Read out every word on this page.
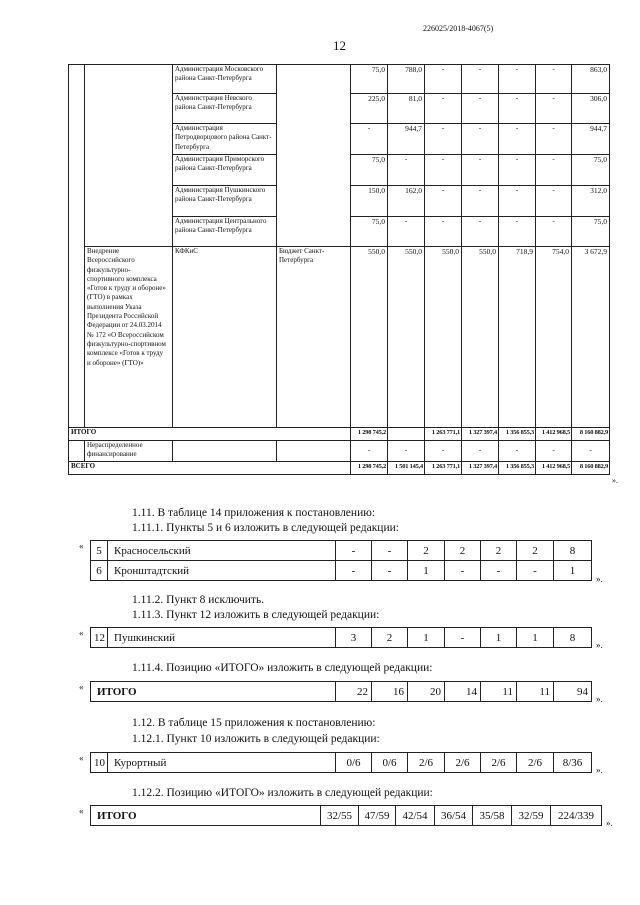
226025/2018-4067(5)
12
		Администрация Московского района Санкт-Петербурга		75,0	788,0	-	-	-	-	863,0
		Администрация Невского района Санкт-Петербурга		225,0	81,0	-	-	-	-	306,0
		Администрация Петродворцового района Санкт-Петербурга		-	944,7	-	-	-	-	944,7
		Администрация Приморского района Санкт-Петербурга		75,0	-	-	-	-	-	75,0
		Администрация Пушкинского района Санкт-Петербурга		150,0	162,0	-	-	-	-	312,0
		Администрация Центрального района Санкт-Петербурга		75,0	-	-	-	-	-	75,0
	Внедрение Всероссийского физкультурно-спортивного комплекса «Готов к труду и обороне» (ГТО) в рамках выполнения Указа Президента Российской Федерации от 24.03.2014 № 172 «О Всероссийском физкультурно-спортивном комплексе «Готов к труду и обороне» (ГТО)»	КФКиС	Бюджет Санкт-Петербурга	550,0	550,0	550,0	550,0	718,9	754,0	3 672,9
ИТОГО				1 298 745,2		1 263 771,1	1 327 397,4	1 356 855,3	1 412 968,5	8 160 882,9
	Нераспределенное финансирование			-	-	-	-	-	-	-
ВСЕГО				1 298 745,2	1 501 145,4	1 263 771,1	1 327 397,4	1 356 855,3	1 412 968,5	8 160 882,9
».
1.11. В таблице 14 приложения к постановлению:
1.11.1. Пункты 5 и 6 изложить в следующей редакции:
« 5	Красносельский	-	-	2	2	2	2	8
6	Кронштадтский	-	-	1	-	-	-	1
».
1.11.2. Пункт 8 исключить.
1.11.3. Пункт 12 изложить в следующей редакции:
« 12	Пушкинский	3	2	1	-	1	1	8
».
1.11.4. Позицию «ИТОГО» изложить в следующей редакции:
« ИТОГО	22	16	20	14	11	11	94
».
1.12. В таблице 15 приложения к постановлению:
1.12.1. Пункт 10 изложить в следующей редакции:
« 10	Курортный	0/6	0/6	2/6	2/6	2/6	2/6	8/36
».
1.12.2. Позицию «ИТОГО» изложить в следующей редакции:
« ИТОГО	32/55	47/59	42/54	36/54	35/58	32/59	224/339
».
